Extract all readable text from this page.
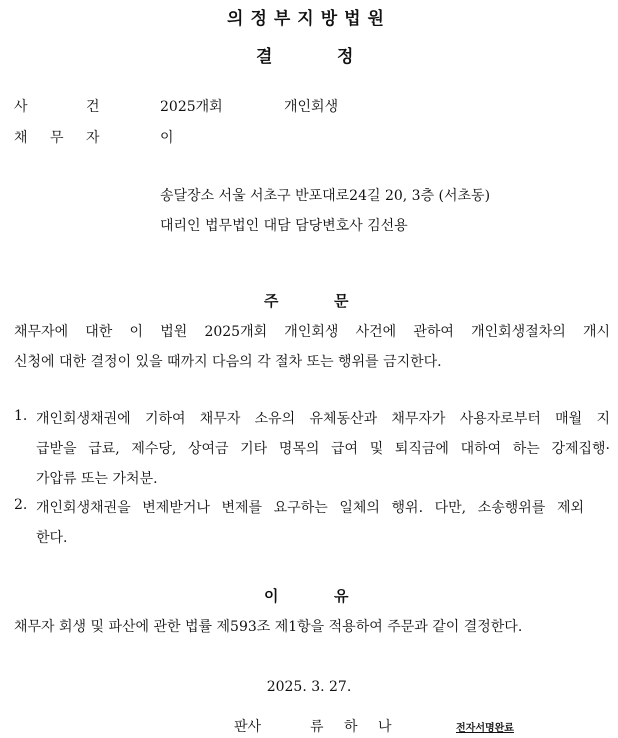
의정부지방법원
결	정
사	건	2025개회	개인회생
채 무 자	이
송달장소 서울 서초구 반포대로24길 20, 3층 (서초동)
대리인 법무법인 대담 담당변호사 김선용
주	문
채무자에 대한 이 법원 2025개회 개인회생 사건에 관하여 개인회생절차의 개시
신청에 대한 결정이 있을 때까지 다음의 각 절차 또는 행위를 금지한다.
1. 개인회생채권에 기하여 채무자 소유의 유체동산과 채무자가 사용자로부터 매월 지
급받을 급료, 제수당, 상여금 기타 명목의 급여 및 퇴직금에 대하여 하는 강제집행·
가압류 또는 가처분.
2. 개인회생채권을 변제받거나 변제를 요구하는 일체의 행위. 다만, 소송행위를 제외
한다.
이	유
채무자 회생 및 파산에 관한 법률 제593조 제1항을 적용하여 주문과 같이 결정한다.
2025. 3. 27.
판사	류 하 나	전자서명완료
